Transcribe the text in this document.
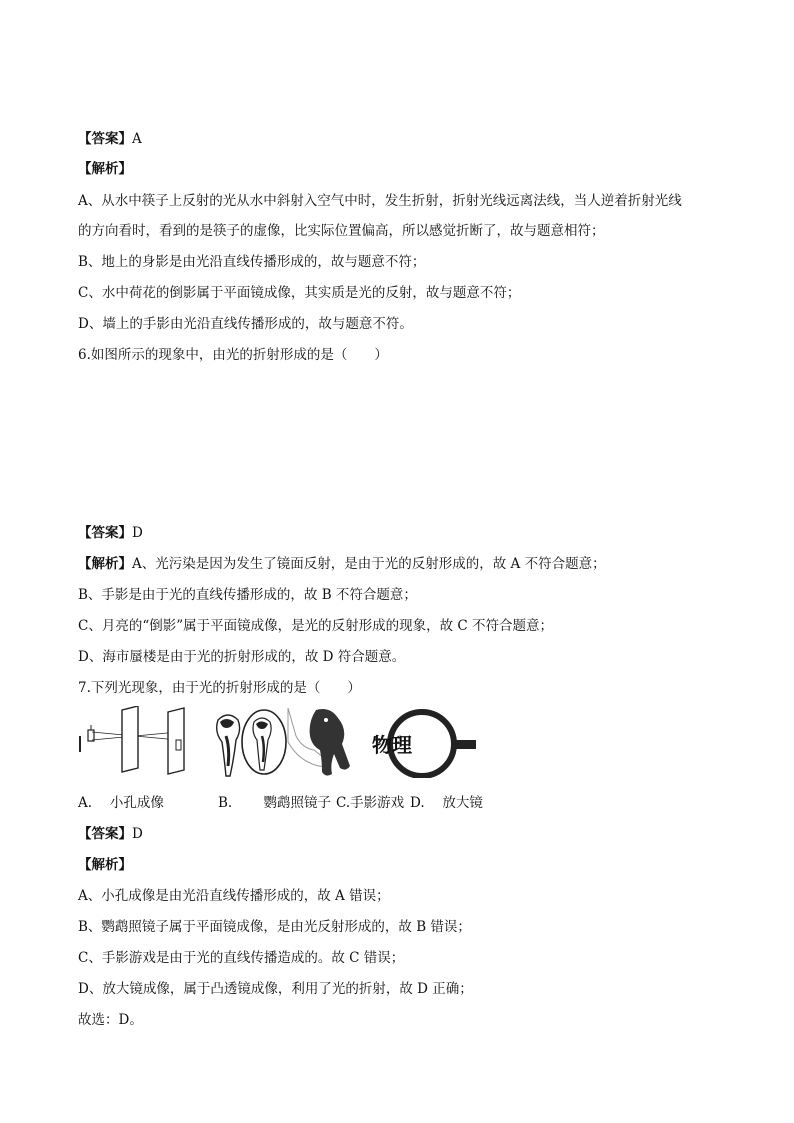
【答案】A
【解析】
A、从水中筷子上反射的光从水中斜射入空气中时，发生折射，折射光线远离法线，当人逆着折射光线
的方向看时，看到的是筷子的虚像，比实际位置偏高，所以感觉折断了，故与题意相符；
B、地上的身影是由光沿直线传播形成的，故与题意不符；
C、水中荷花的倒影属于平面镜成像，其实质是光的反射，故与题意不符；
D、墙上的手影由光沿直线传播形成的，故与题意不符。
6.如图所示的现象中，由光的折射形成的是（　　）
【答案】D
【解析】A、光污染是因为发生了镜面反射，是由于光的反射形成的，故 A 不符合题意；
B、手影是由于光的直线传播形成的，故 B 不符合题意；
C、月亮的“倒影”属于平面镜成像，是光的反射形成的现象，故 C 不符合题意；
D、海市蜃楼是由于光的折射形成的，故 D 符合题意。
7.下列光现象，由于光的折射形成的是（　　）
物理
A.　 小孔成像	B.　　 鹦鹉照镜子 C.手影游戏 D.　 放大镜
【答案】D
【解析】
A、小孔成像是由光沿直线传播形成的，故 A 错误；
B、鹦鹉照镜子属于平面镜成像，是由光反射形成的，故 B 错误；
C、手影游戏是由于光的直线传播造成的。故 C 错误；
D、放大镜成像，属于凸透镜成像，利用了光的折射，故 D 正确；
故选：D。
